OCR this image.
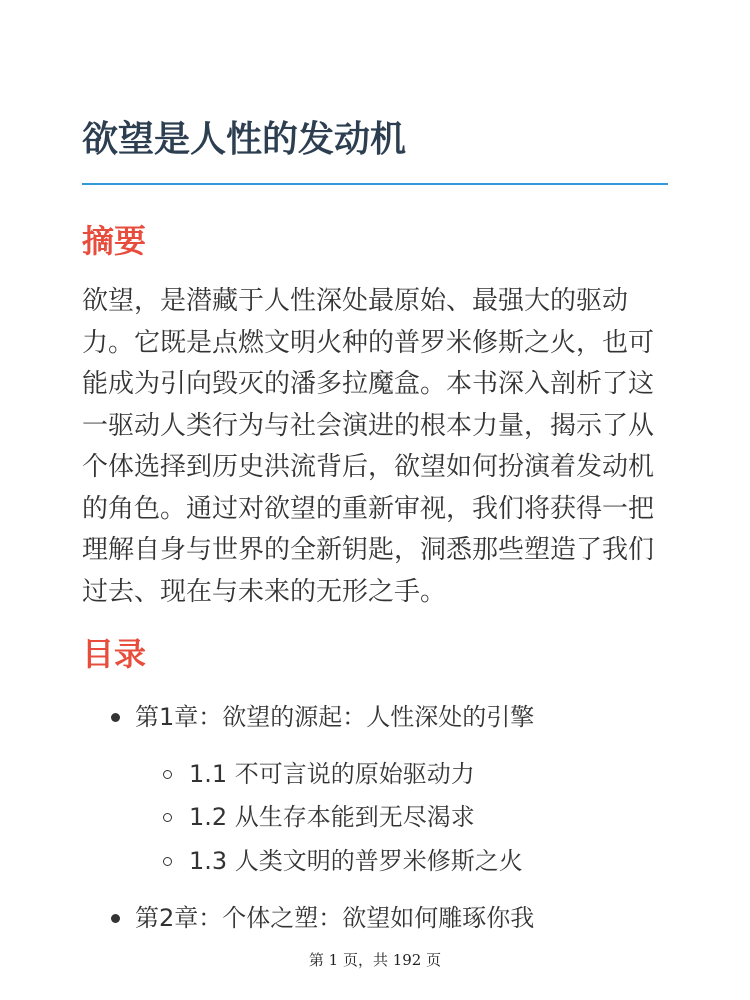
欲望是人性的发动机
摘要

欲望，是潜藏于人性深处最原始、最强大的驱动力。它既是点燃文明火种的普罗米修斯之火，也可能成为引向毁灭的潘多拉魔盒。本书深入剖析了这一驱动人类行为与社会演进的根本力量，揭示了从个体选择到历史洪流背后，欲望如何扮演着发动机的角色。通过对欲望的重新审视，我们将获得一把理解自身与世界的全新钥匙，洞悉那些塑造了我们过去、现在与未来的无形之手。

目录
第1章：欲望的源起：人性深处的引擎
1.1 不可言说的原始驱动力
1.2 从生存本能到无尽渴求
1.3 人类文明的普罗米修斯之火
第2章：个体之塑：欲望如何雕琢你我
第 1 页，共 192 页
